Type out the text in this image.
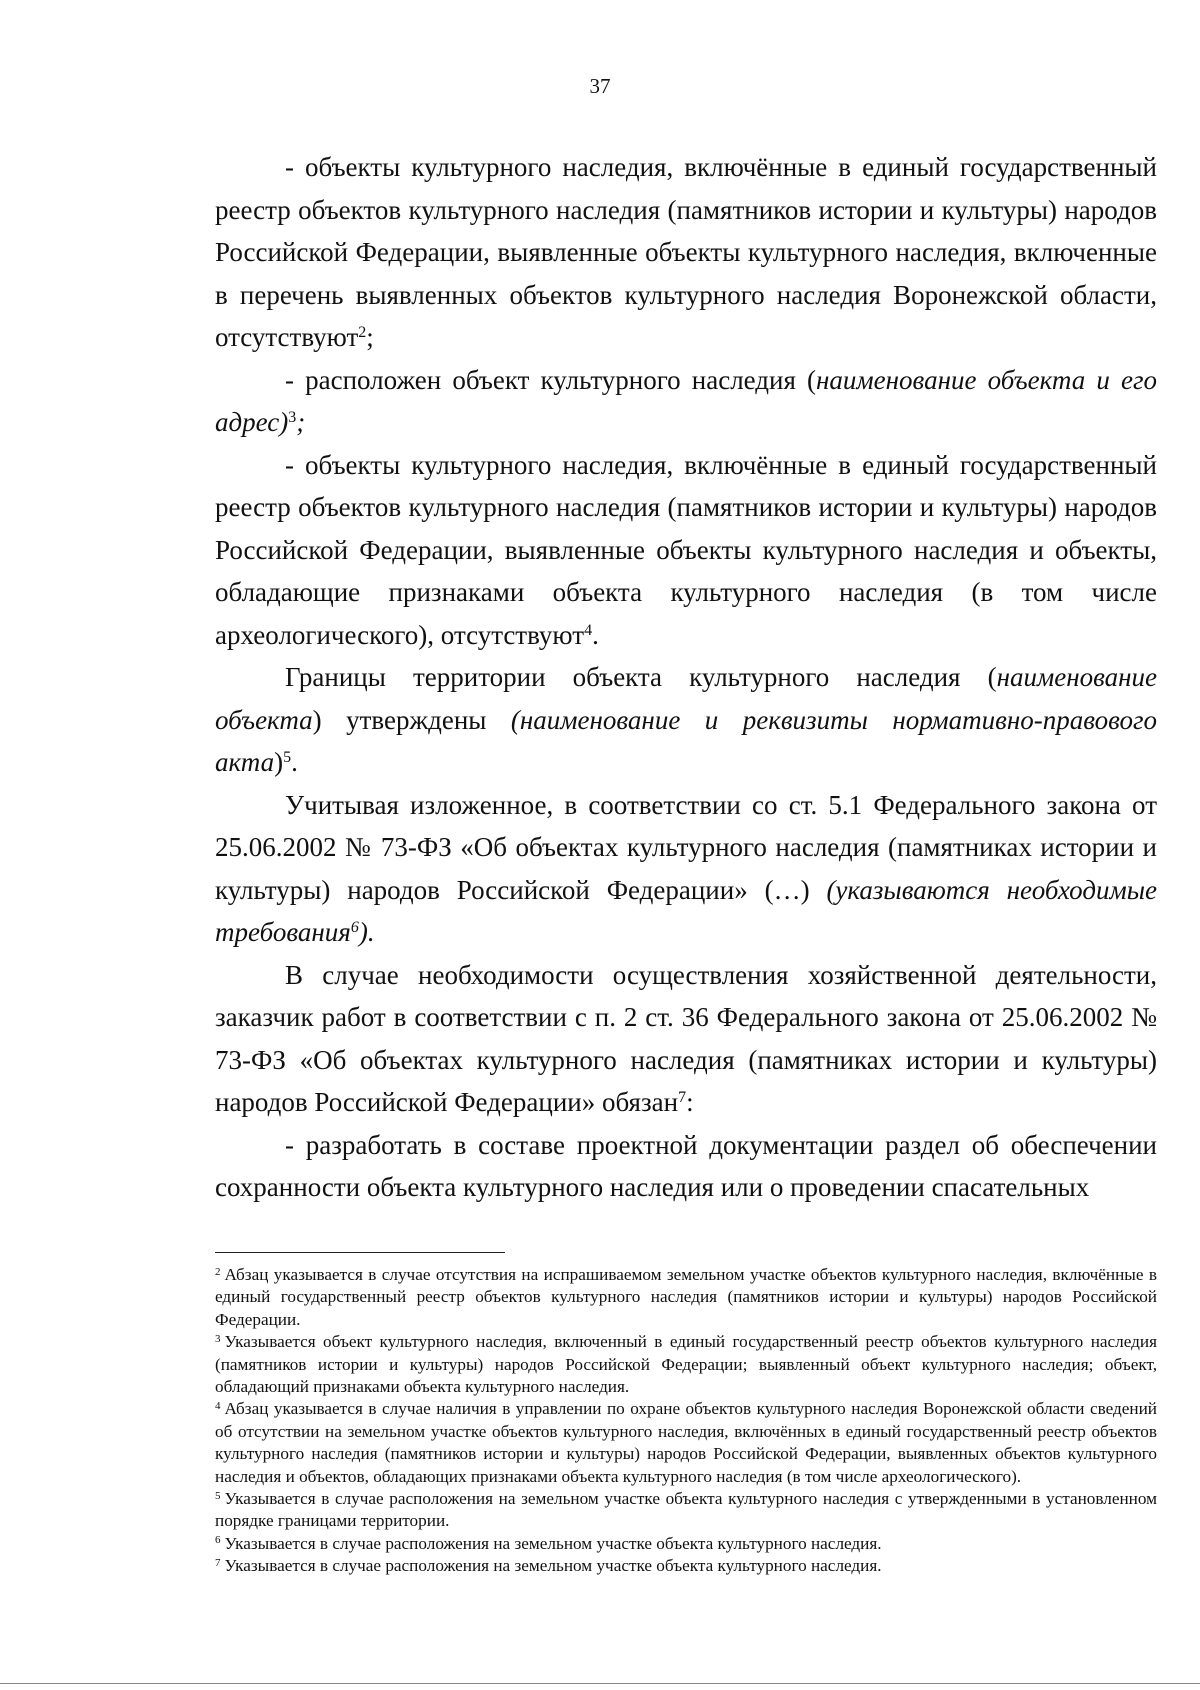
37

- объекты культурного наследия, включённые в единый государственный реестр объектов культурного наследия (памятников истории и культуры) народов Российской Федерации, выявленные объекты культурного наследия, включенные в перечень выявленных объектов культурного наследия Воронежской области, отсутствуют$^2$;

- расположен объект культурного наследия (наименование объекта и его адрес)$^3$;

- объекты культурного наследия, включённые в единый государственный реестр объектов культурного наследия (памятников истории и культуры) народов Российской Федерации, выявленные объекты культурного наследия и объекты, обладающие признаками объекта культурного наследия (в том числе археологического), отсутствуют$^4$.

Границы территории объекта культурного наследия (наименование объекта) утверждены (наименование и реквизиты нормативно-правового акта)$^5$.

Учитывая изложенное, в соответствии со ст. 5.1 Федерального закона от 25.06.2002 № 73-ФЗ «Об объектах культурного наследия (памятниках истории и культуры) народов Российской Федерации» (…) (указываются необходимые требования$^6$).

В случае необходимости осуществления хозяйственной деятельности, заказчик работ в соответствии с п. 2 ст. 36 Федерального закона от 25.06.2002 № 73-ФЗ «Об объектах культурного наследия (памятниках истории и культуры) народов Российской Федерации» обязан$^7$:

- разработать в составе проектной документации раздел об обеспечении сохранности объекта культурного наследия или о проведении спасательных

$^2$ Абзац указывается в случае отсутствия на испрашиваемом земельном участке объектов культурного наследия, включённые в единый государственный реестр объектов культурного наследия (памятников истории и культуры) народов Российской Федерации.

$^3$ Указывается объект культурного наследия, включенный в единый государственный реестр объектов культурного наследия (памятников истории и культуры) народов Российской Федерации; выявленный объект культурного наследия; объект, обладающий признаками объекта культурного наследия.

$^4$ Абзац указывается в случае наличия в управлении по охране объектов культурного наследия Воронежской области сведений об отсутствии на земельном участке объектов культурного наследия, включённых в единый государственный реестр объектов культурного наследия (памятников истории и культуры) народов Российской Федерации, выявленных объектов культурного наследия и объектов, обладающих признаками объекта культурного наследия (в том числе археологического).

$^5$ Указывается в случае расположения на земельном участке объекта культурного наследия с утвержденными в установленном порядке границами территории.

$^6$ Указывается в случае расположения на земельном участке объекта культурного наследия.

$^7$ Указывается в случае расположения на земельном участке объекта культурного наследия.
